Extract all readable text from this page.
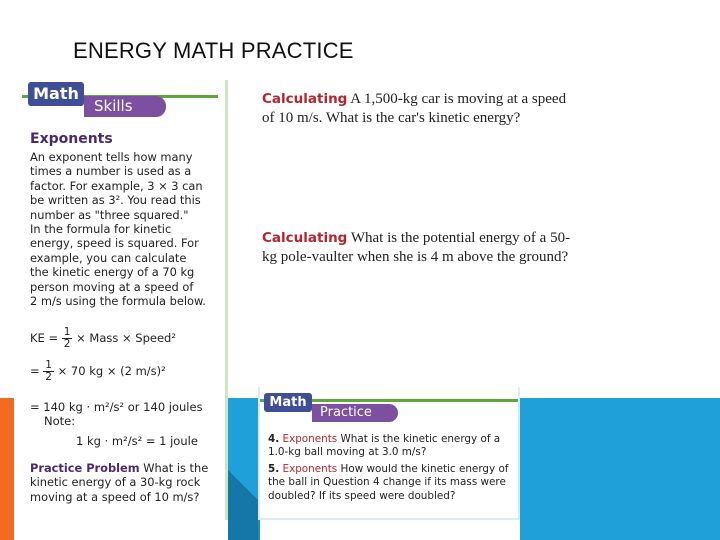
ENERGY MATH PRACTICE
Math
Skills
Exponents
An exponent tells how many
times a number is used as a
factor. For example, 3 × 3 can
be written as 3². You read this
number as "three squared."
In the formula for kinetic
energy, speed is squared. For
example, you can calculate
the kinetic energy of a 70 kg
person moving at a speed of
2 m/s using the formula below.
KE = $\frac{1}{2}$ × Mass × Speed²
= $\frac{1}{2} \times 70$ kg × (2 m/s)²
= 140 kg · m²/s² or 140 joules
Note:
1 kg · m²/s² = 1 joule
Practice Problem What is the
kinetic energy of a 30-kg rock
moving at a speed of 10 m/s?
Calculating A 1,500-kg car is moving at a speed of 10 m/s. What is the car's kinetic energy?
Calculating What is the potential energy of a 50-kg pole-vaulter when she is 4 m above the ground?
Math
Practice
4. Exponents What is the kinetic energy of a 1.0-kg ball moving at 3.0 m/s?
5. Exponents How would the kinetic energy of the ball in Question 4 change if its mass were doubled? If its speed were doubled?
